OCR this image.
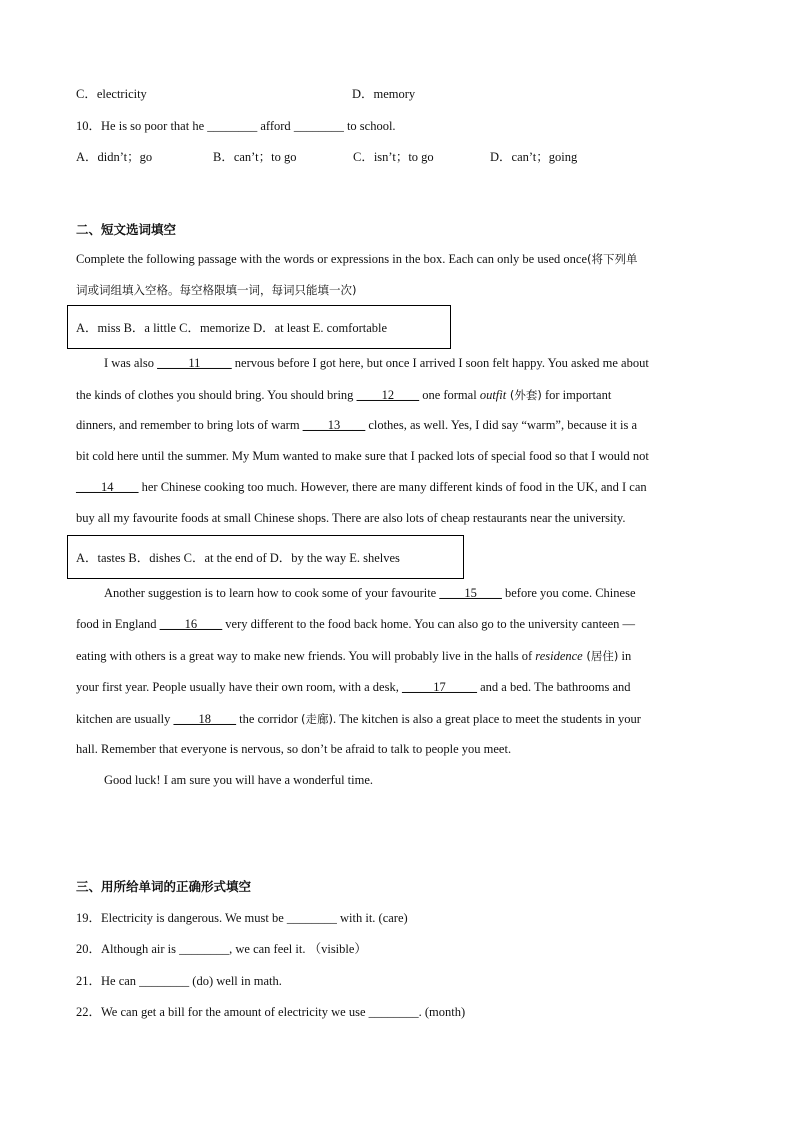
C．electricity	D．memory
10．He is so poor that he ________ afford ________ to school.
A．didn’t；go	B．can’t；to go	C．isn’t；to go	D．can’t；going
二、短文选词填空
Complete the following passage with the words or expressions in the box. Each can only be used once(将下列单
词或词组填入空格。每空格限填一词，每词只能填一次)
A．miss B．a little C．memorize D．at least E. comfortable
I was also _____11_____ nervous before I got here, but once I arrived I soon felt happy. You asked me about
the kinds of clothes you should bring. You should bring ____12____ one formal outfit (外套) for important
dinners, and remember to bring lots of warm ____13____ clothes, as well. Yes, I did say “warm”, because it is a
bit cold here until the summer. My Mum wanted to make sure that I packed lots of special food so that I would not
____14____ her Chinese cooking too much. However, there are many different kinds of food in the UK, and I can
buy all my favourite foods at small Chinese shops. There are also lots of cheap restaurants near the university.
A．tastes B．dishes C．at the end of D．by the way E. shelves
Another suggestion is to learn how to cook some of your favourite ____15____ before you come. Chinese
food in England ____16____ very different to the food back home. You can also go to the university canteen —
eating with others is a great way to make new friends. You will probably live in the halls of residence (居住) in
your first year. People usually have their own room, with a desk, _____17_____ and a bed. The bathrooms and
kitchen are usually ____18____ the corridor (走廊). The kitchen is also a great place to meet the students in your
hall. Remember that everyone is nervous, so don’t be afraid to talk to people you meet.
Good luck! I am sure you will have a wonderful time.
三、用所给单词的正确形式填空
19．Electricity is dangerous. We must be ________ with it. (care)
20．Although air is ________, we can feel it. （visible）
21．He can ________ (do) well in math.
22．We can get a bill for the amount of electricity we use ________. (month)
